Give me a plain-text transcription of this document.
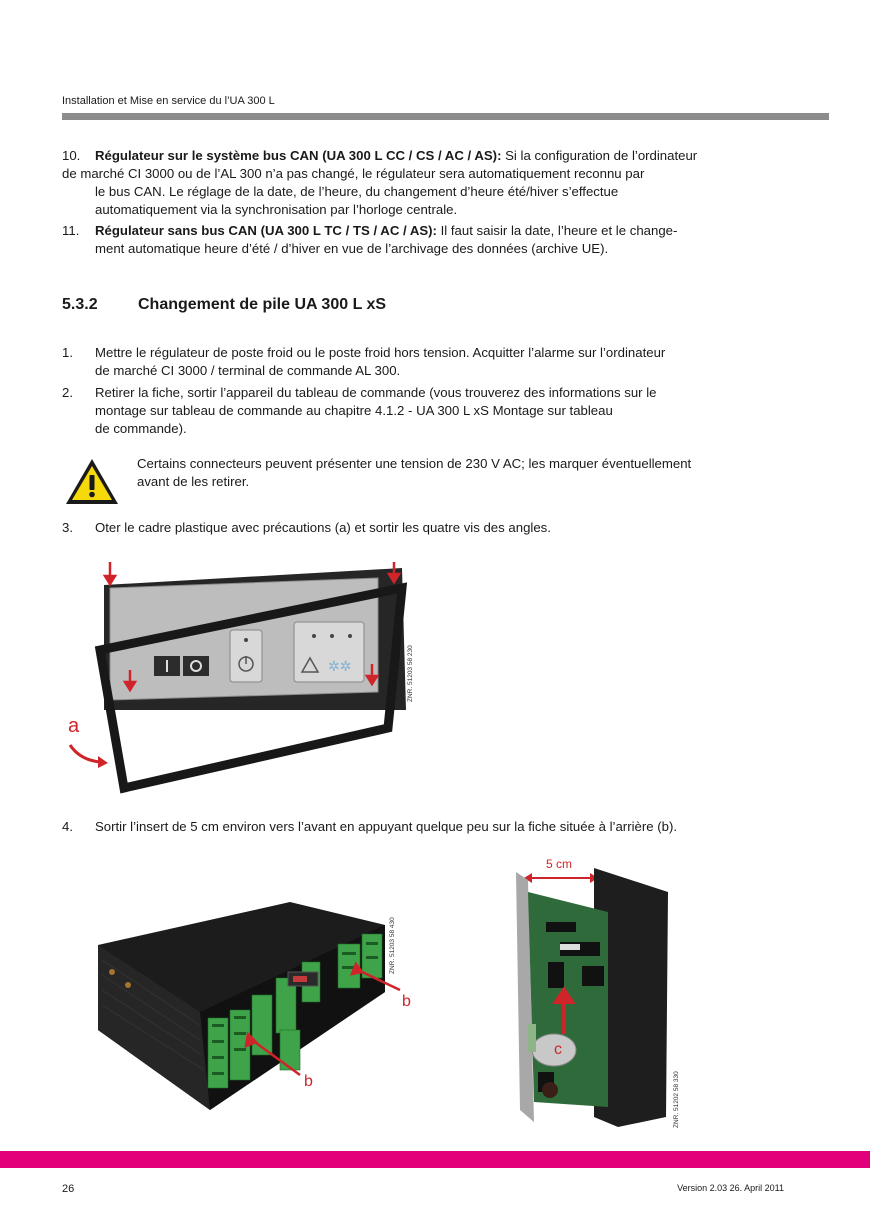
Installation et Mise en service du l’UA 300 L
10. Régulateur sur le système bus CAN (UA 300 L CC / CS / AC / AS): Si la configuration de l’ordinateur
de marché CI 3000 ou de l’AL 300 n’a pas changé, le régulateur sera automatiquement reconnu par
le bus CAN. Le réglage de la date, de l’heure, du changement d’heure été/hiver s’effectue
automatiquement via la synchronisation par l’horloge centrale.
11. Régulateur sans bus CAN (UA 300 L TC / TS / AC / AS): Il faut saisir la date, l’heure et le change-
ment automatique heure d’été / d’hiver en vue de l’archivage des données (archive UE).
5.3.2	Changement de pile UA 300 L xS
1. Mettre le régulateur de poste froid ou le poste froid hors tension. Acquitter l’alarme sur l’ordinateur
de marché CI 3000 / terminal de commande AL 300.
2. Retirer la fiche, sortir l’appareil du tableau de commande (vous trouverez des informations sur le
montage sur tableau de commande au chapitre 4.1.2 - UA 300 L xS Montage sur tableau
de commande).
Certains connecteurs peuvent présenter une tension de 230 V AC; les marquer éventuellement
avant de les retirer.
3. Oter le cadre plastique avec précautions (a) et sortir les quatre vis des angles.
✲✲
a
ZNR. 51203 58 230
4. Sortir l’insert de 5 cm environ vers l’avant en appuyant quelque peu sur la fiche située à l’arrière (b).
b
b
ZNR. 51203 58 430
5 cm
c
ZNR. 51202 58 330
26	Version 2.03 26. April 2011
